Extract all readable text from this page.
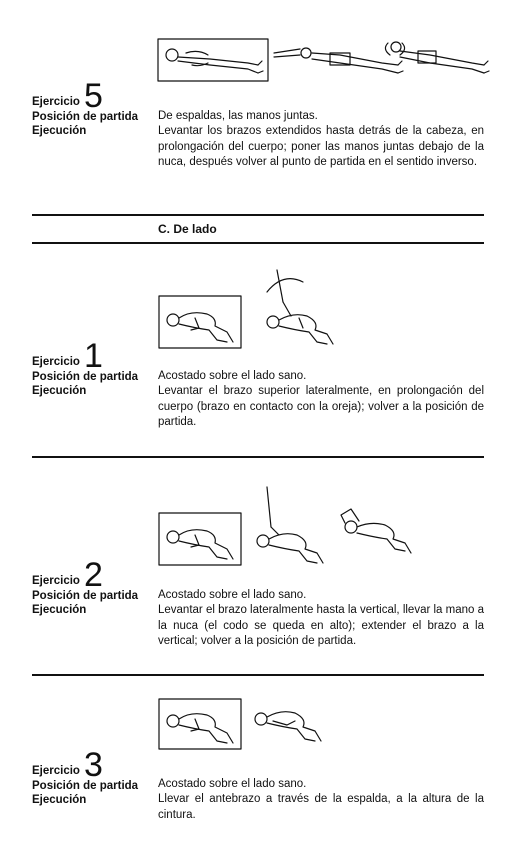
Ejercicio 5
Posición de partida
Ejecución

De espaldas, las manos juntas.

Levantar los brazos extendidos hasta detrás de la cabeza, en prolongación del cuerpo; poner las manos juntas debajo de la nuca, después volver al punto de partida en el sentido inverso.

C. De lado
Ejercicio 1
Posición de partida
Ejecución

Acostado sobre el lado sano.

Levantar el brazo superior lateralmente, en prolongación del cuerpo (brazo en contacto con la oreja); volver a la posición de partida.

Ejercicio 2
Posición de partida
Ejecución

Acostado sobre el lado sano.

Levantar el brazo lateralmente hasta la vertical, llevar la mano a la nuca (el codo se queda en alto); extender el brazo a la vertical; volver a la posición de partida.

Ejercicio 3
Posición de partida
Ejecución

Acostado sobre el lado sano.

Llevar el antebrazo a través de la espalda, a la altura de la cintura.
